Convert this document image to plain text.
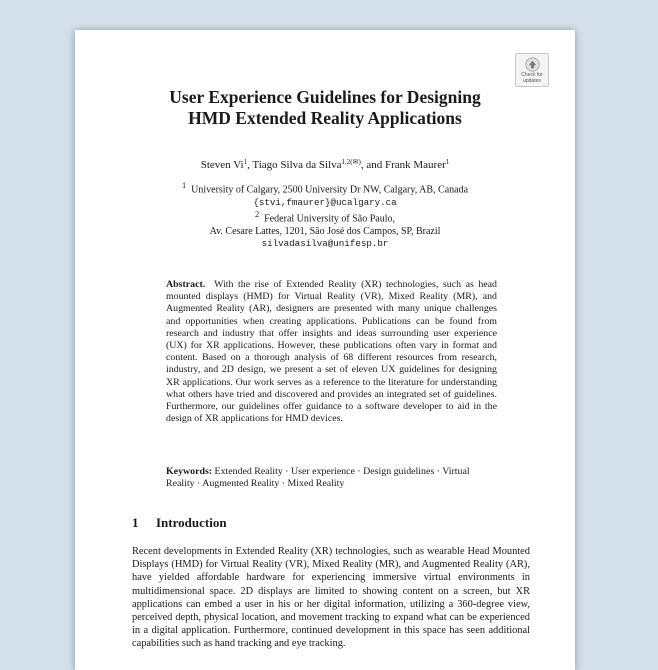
Check for
updates
User Experience Guidelines for Designing
HMD Extended Reality Applications
Steven Vi$^1$, Tiago Silva da Silva$^{1,2(✉)}$, and Frank Maurer$^1$
$^1$ University of Calgary, 2500 University Dr NW, Calgary, AB, Canada
{stvi,fmaurer}@ucalgary.ca
$^2$ Federal University of São Paulo,
Av. Cesare Lattes, 1201, São José dos Campos, SP, Brazil
silvadasilva@unifesp.br

Abstract. With the rise of Extended Reality (XR) technologies, such as head mounted displays (HMD) for Virtual Reality (VR), Mixed Reality (MR), and Augmented Reality (AR), designers are presented with many unique challenges and opportunities when creating applications. Publications can be found from research and industry that offer insights and ideas surrounding user experience (UX) for XR applications. However, these publications often vary in format and content. Based on a thorough analysis of 68 different resources from research, industry, and 2D design, we present a set of eleven UX guidelines for designing XR applications. Our work serves as a reference to the literature for understanding what others have tried and discovered and provides an integrated set of guidelines. Furthermore, our guidelines offer guidance to a software developer to aid in the design of XR applications for HMD devices.

Keywords: Extended Reality · User experience · Design guidelines · Virtual Reality · Augmented Reality · Mixed Reality

1 Introduction

Recent developments in Extended Reality (XR) technologies, such as wearable Head Mounted Displays (HMD) for Virtual Reality (VR), Mixed Reality (MR), and Augmented Reality (AR), have yielded affordable hardware for experiencing immersive virtual environments in multidimensional space. 2D displays are limited to showing content on a screen, but XR applications can embed a user in his or her digital information, utilizing a 360-degree view, perceived depth, physical location, and movement tracking to expand what can be experienced in a digital application. Furthermore, continued development in this space has seen additional capabilities such as hand tracking and eye tracking.
